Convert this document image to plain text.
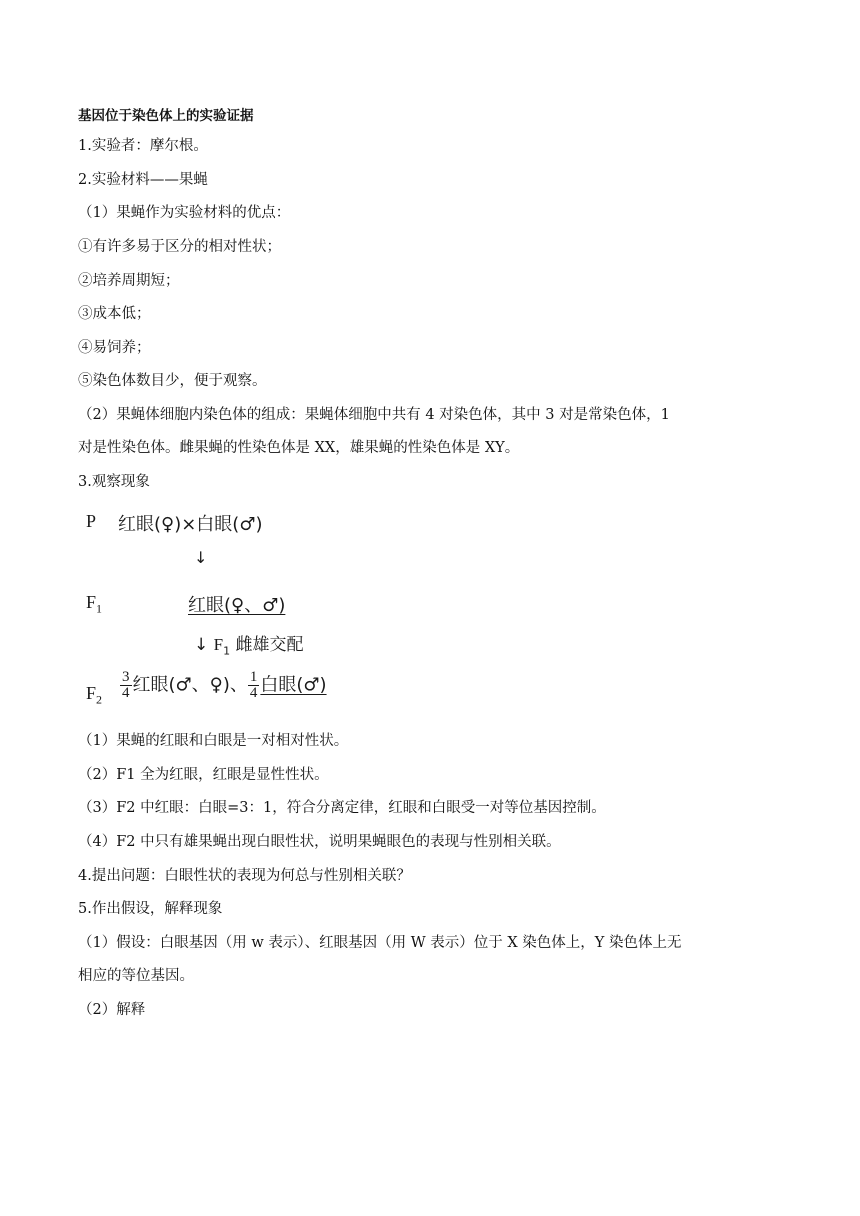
基因位于染色体上的实验证据
1.实验者：摩尔根。
2.实验材料——果蝇
（1）果蝇作为实验材料的优点：
①有许多易于区分的相对性状；
②培养周期短；
③成本低；
④易饲养；
⑤染色体数目少，便于观察。
（2）果蝇体细胞内染色体的组成：果蝇体细胞中共有 4 对染色体，其中 3 对是常染色体，1
对是性染色体。雌果蝇的性染色体是 XX，雄果蝇的性染色体是 XY。
3.观察现象
P 红眼(♀)×白眼(♂)
↓
$F_1$	红眼(♀、♂)
↓ $F_1$ 雌雄交配
$F_2 \frac{3}{4}$ 红眼(♂、♀)、 $\frac{1}{4}$ 白眼(♂)
（1）果蝇的红眼和白眼是一对相对性状。
（2）F1 全为红眼，红眼是显性性状。
（3）F2 中红眼：白眼=3：1，符合分离定律，红眼和白眼受一对等位基因控制。
（4）F2 中只有雄果蝇出现白眼性状，说明果蝇眼色的表现与性别相关联。
4.提出问题：白眼性状的表现为何总与性别相关联？
5.作出假设，解释现象
（1）假设：白眼基因（用 w 表示）、红眼基因（用 W 表示）位于 X 染色体上，Y 染色体上无
相应的等位基因。
（2）解释
